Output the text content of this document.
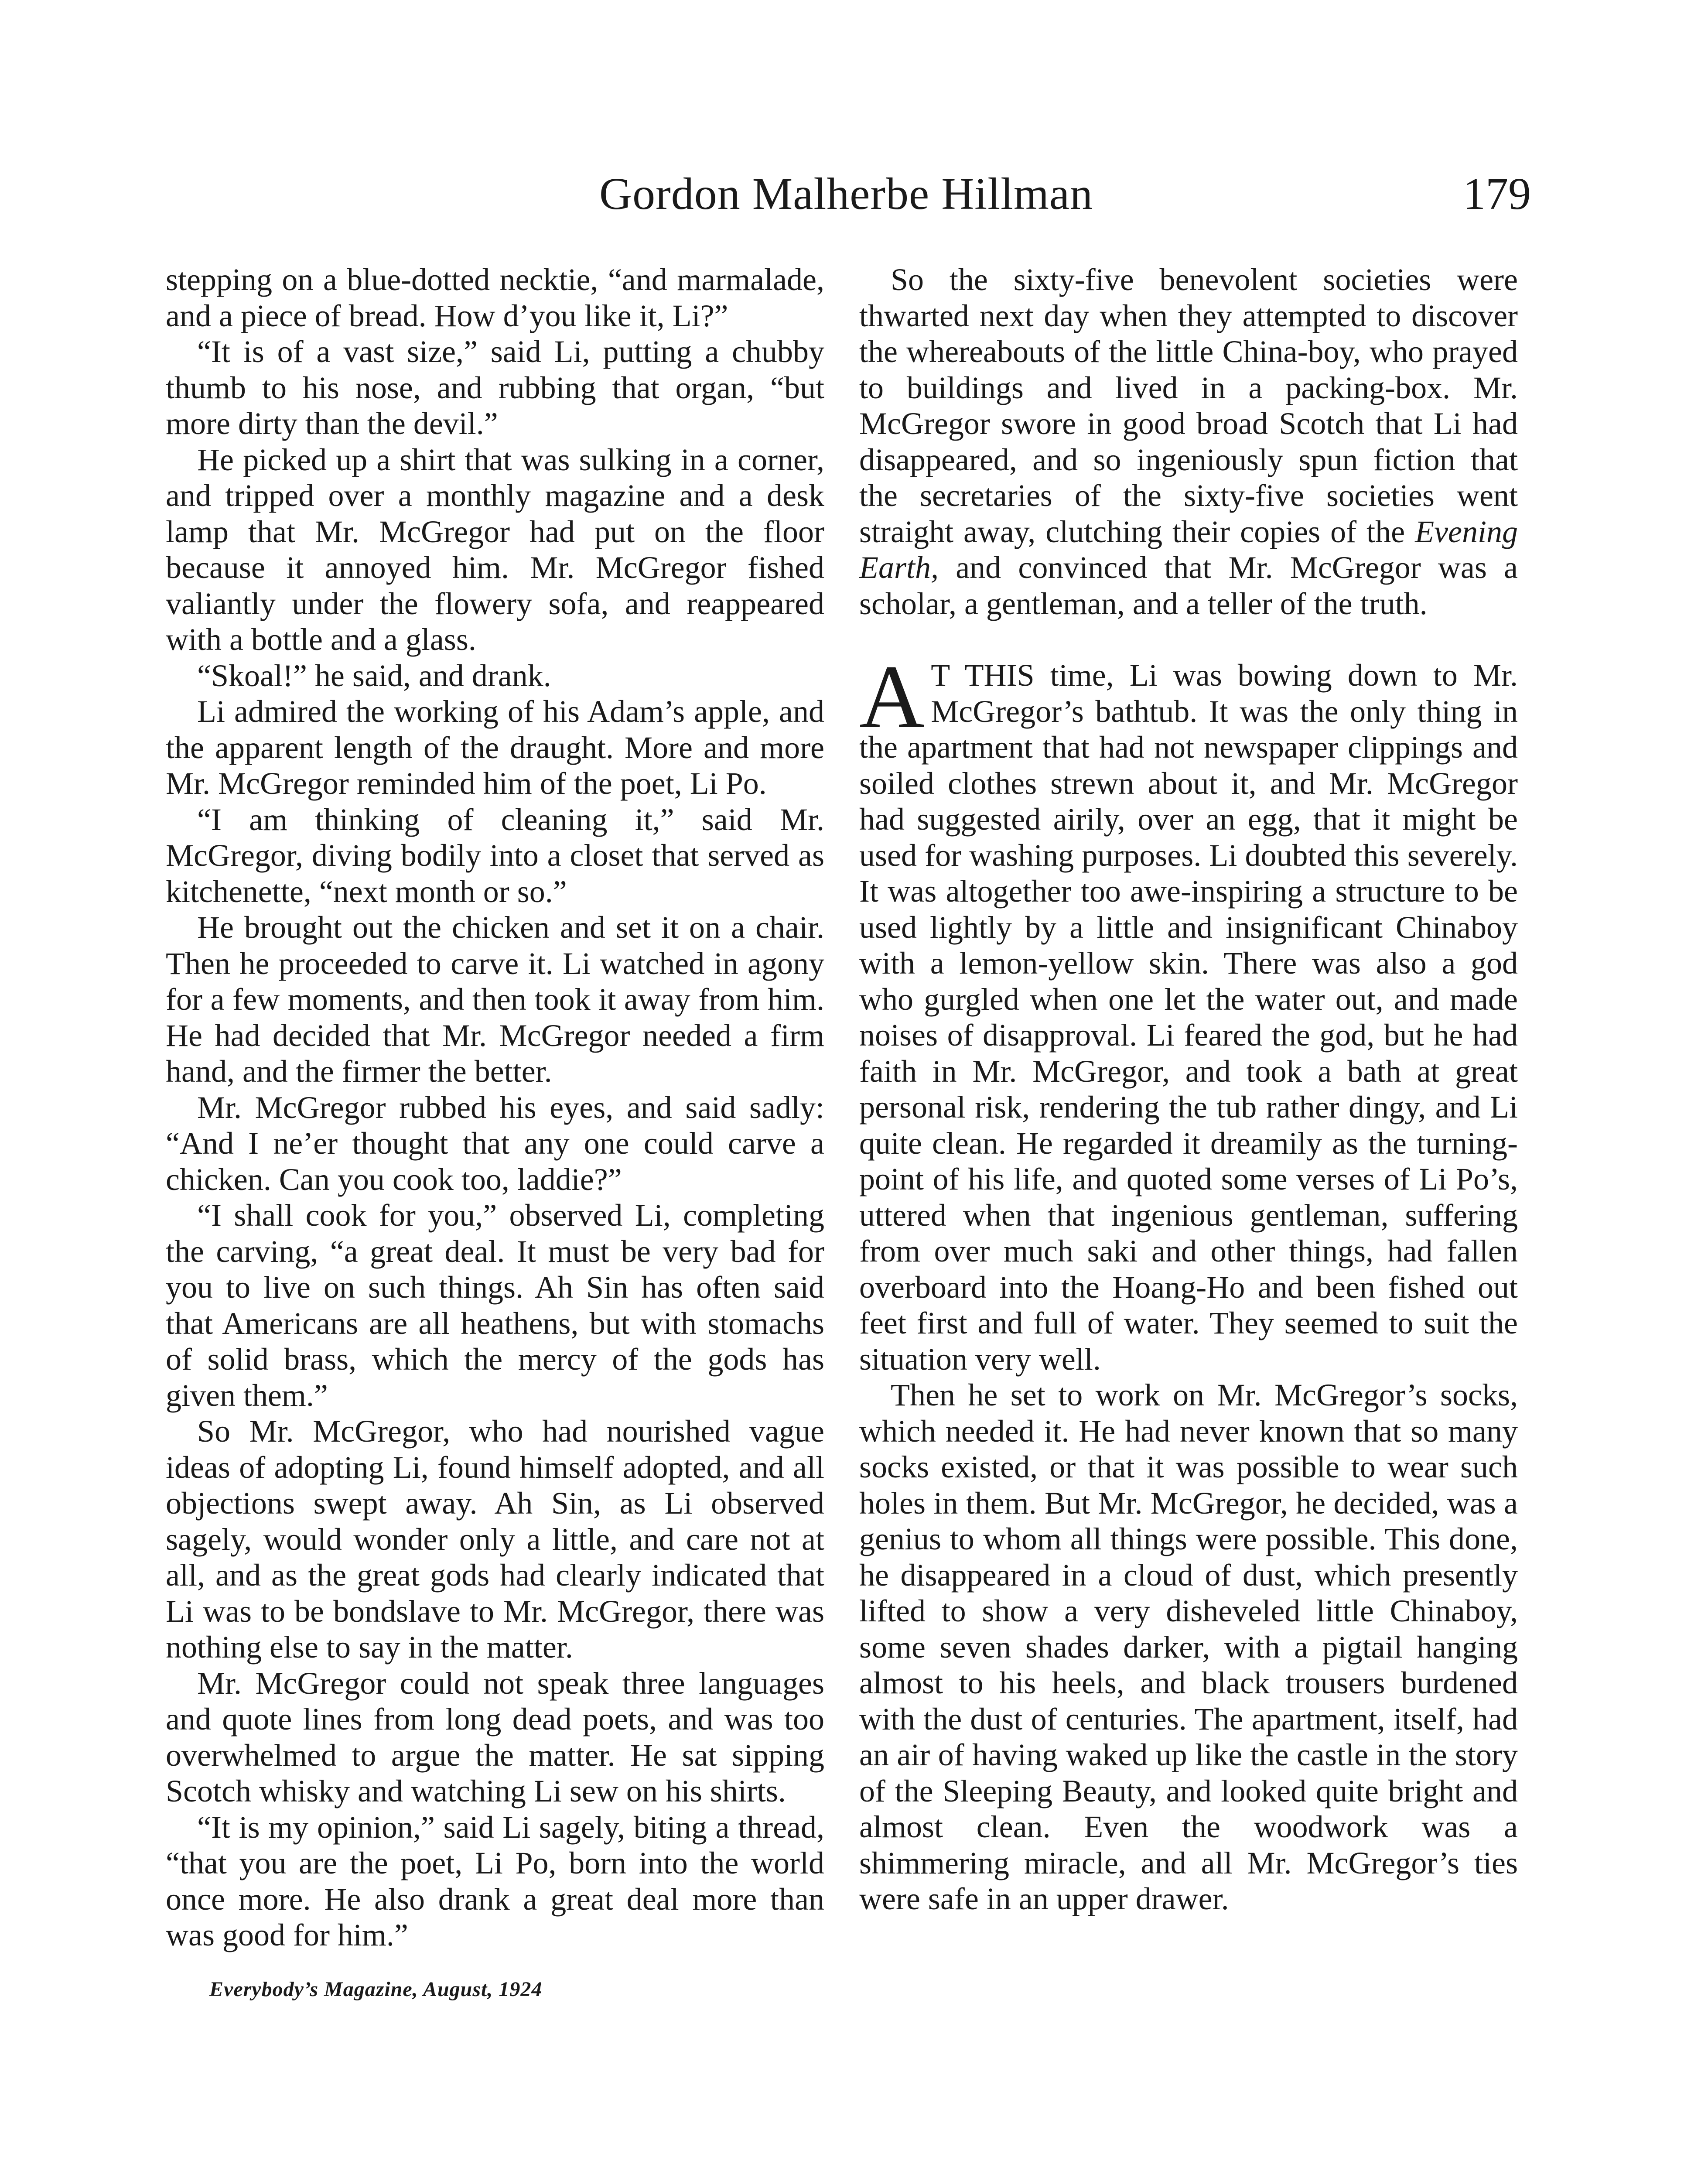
Gordon Malherbe Hillman	179

stepping on a blue-dotted necktie, “and marmalade, and a piece of bread. How d’you like it, Li?”

“It is of a vast size,” said Li, putting a chubby thumb to his nose, and rubbing that organ, “but more dirty than the devil.”

He picked up a shirt that was sulking in a corner, and tripped over a monthly magazine and a desk lamp that Mr. McGregor had put on the floor because it annoyed him. Mr. McGregor fished valiantly under the flowery sofa, and reappeared with a bottle and a glass.

“Skoal!” he said, and drank.

Li admired the working of his Adam’s apple, and the apparent length of the draught. More and more Mr. McGregor reminded him of the poet, Li Po.

“I am thinking of cleaning it,” said Mr. McGregor, diving bodily into a closet that served as kitchenette, “next month or so.”

He brought out the chicken and set it on a chair. Then he proceeded to carve it. Li watched in agony for a few moments, and then took it away from him. He had decided that Mr. McGregor needed a firm hand, and the firmer the better.

Mr. McGregor rubbed his eyes, and said sadly: “And I ne’er thought that any one could carve a chicken. Can you cook too, laddie?”

“I shall cook for you,” observed Li, completing the carving, “a great deal. It must be very bad for you to live on such things. Ah Sin has often said that Americans are all heathens, but with stomachs of solid brass, which the mercy of the gods has given them.”

So Mr. McGregor, who had nourished vague ideas of adopting Li, found himself adopted, and all objections swept away. Ah Sin, as Li observed sagely, would wonder only a little, and care not at all, and as the great gods had clearly indicated that Li was to be bondslave to Mr. McGregor, there was nothing else to say in the matter.

Mr. McGregor could not speak three languages and quote lines from long dead poets, and was too overwhelmed to argue the matter. He sat sipping Scotch whisky and watching Li sew on his shirts.

“It is my opinion,” said Li sagely, biting a thread, “that you are the poet, Li Po, born into the world once more. He also drank a great deal more than was good for him.”

Everybody’s Magazine, August, 1924

So the sixty-five benevolent societies were thwarted next day when they attempted to discover the whereabouts of the little China-boy, who prayed to buildings and lived in a packing-box. Mr. McGregor swore in good broad Scotch that Li had disappeared, and so ingeniously spun fiction that the secretaries of the sixty-five societies went straight away, clutching their copies of the Evening Earth, and convinced that Mr. McGregor was a scholar, a gentleman, and a teller of the truth.

A T THIS time, Li was bowing down to Mr. McGregor’s bathtub. It was the only thing in the apartment that had not newspaper clippings and soiled clothes strewn about it, and Mr. McGregor had suggested airily, over an egg, that it might be used for washing purposes. Li doubted this severely. It was altogether too awe-inspiring a structure to be used lightly by a little and insignificant Chinaboy with a lemon-yellow skin. There was also a god who gurgled when one let the water out, and made noises of disapproval. Li feared the god, but he had faith in Mr. McGregor, and took a bath at great personal risk, rendering the tub rather dingy, and Li quite clean. He regarded it dreamily as the turning-point of his life, and quoted some verses of Li Po’s, uttered when that ingenious gentleman, suffering from over much saki and other things, had fallen overboard into the Hoang-Ho and been fished out feet first and full of water. They seemed to suit the situation very well.

Then he set to work on Mr. McGregor’s socks, which needed it. He had never known that so many socks existed, or that it was possible to wear such holes in them. But Mr. McGregor, he decided, was a genius to whom all things were possible. This done, he disappeared in a cloud of dust, which presently lifted to show a very disheveled little Chinaboy, some seven shades darker, with a pigtail hanging almost to his heels, and black trousers burdened with the dust of centuries. The apartment, itself, had an air of having waked up like the castle in the story of the Sleeping Beauty, and looked quite bright and almost clean. Even the woodwork was a shimmering miracle, and all Mr. McGregor’s ties were safe in an upper drawer.
